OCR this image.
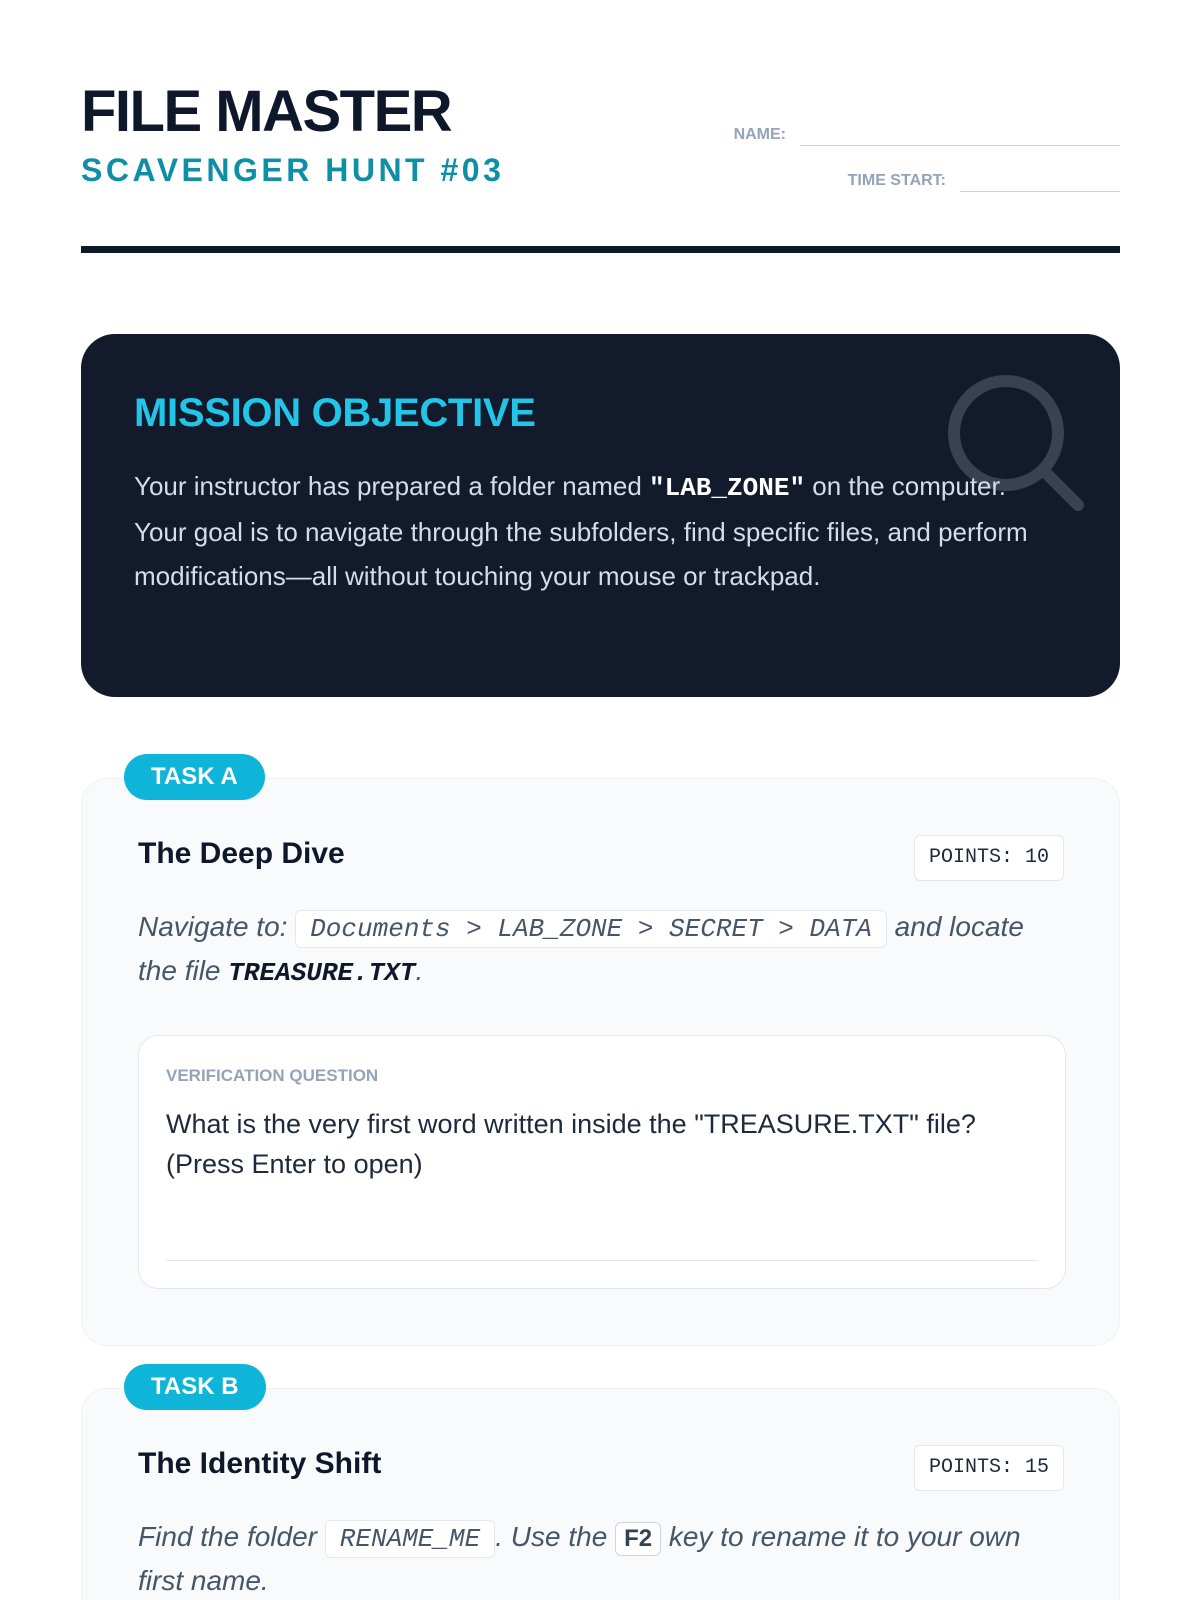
FILE MASTER
SCAVENGER HUNT #03
NAME:
TIME START:
MISSION OBJECTIVE
Your instructor has prepared a folder named "LAB_ZONE" on the computer. Your goal is to navigate through the subfolders, find specific files, and perform modifications—all without touching your mouse or trackpad.
The Deep Dive	POINTS: 10
Navigate to: Documents > LAB_ZONE > SECRET > DATA and locate the file TREASURE.TXT.
VERIFICATION QUESTION
What is the very first word written inside the "TREASURE.TXT" file? (Press Enter to open)
TASK A
The Identity Shift	POINTS: 15
Find the folder RENAME_ME . Use the F2 key to rename it to your own first name.
TASK B
